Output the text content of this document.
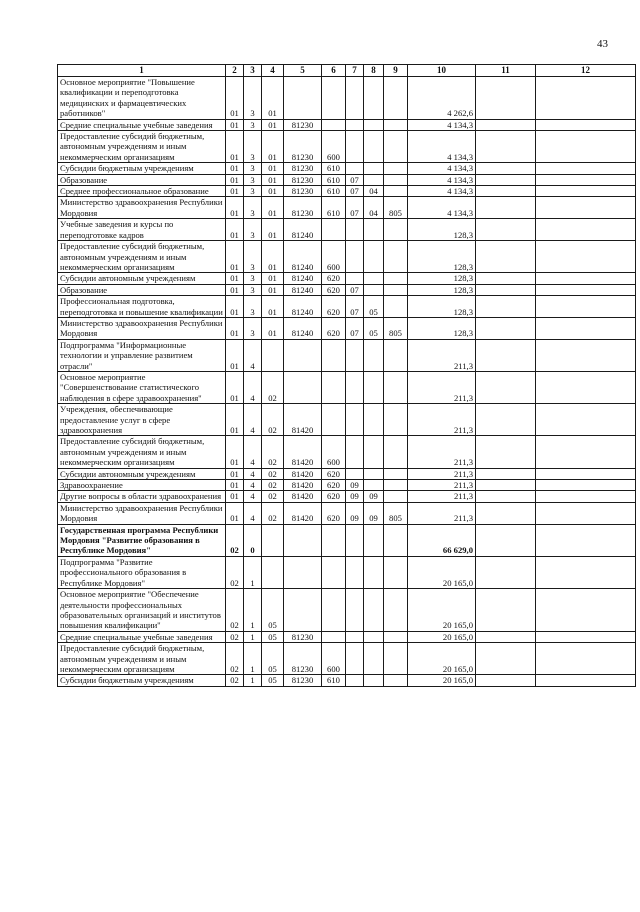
43
1	2	3	4	5	6	7	8	9	10	11	12
Основное мероприятие "Повышение квалификации и переподготовка медицинских и фармацевтических работников"	01	3	01						4 262,6		
Средние специальные учебные заведения	01	3	01	81230					4 134,3		
Предоставление субсидий бюджетным, автономным учреждениям и иным некоммерческим организациям	01	3	01	81230	600				4 134,3		
Субсидии бюджетным учреждениям	01	3	01	81230	610				4 134,3		
Образование	01	3	01	81230	610	07			4 134,3		
Среднее профессиональное образование	01	3	01	81230	610	07	04		4 134,3		
Министерство здравоохранения Республики Мордовия	01	3	01	81230	610	07	04	805	4 134,3		
Учебные заведения и курсы по переподготовке кадров	01	3	01	81240					128,3		
Предоставление субсидий бюджетным, автономным учреждениям и иным некоммерческим организациям	01	3	01	81240	600				128,3		
Субсидии автономным учреждениям	01	3	01	81240	620				128,3		
Образование	01	3	01	81240	620	07			128,3		
Профессиональная подготовка, переподготовка и повышение квалификации	01	3	01	81240	620	07	05		128,3		
Министерство здравоохранения Республики Мордовия	01	3	01	81240	620	07	05	805	128,3		
Подпрограмма "Информационные технологии и управление развитием отрасли"	01	4							211,3		
Основное мероприятие "Совершенствование статистического наблюдения в сфере здравоохранения"	01	4	02						211,3		
Учреждения, обеспечивающие предоставление услуг в сфере здравоохранения	01	4	02	81420					211,3		
Предоставление субсидий бюджетным, автономным учреждениям и иным некоммерческим организациям	01	4	02	81420	600				211,3		
Субсидии автономным учреждениям	01	4	02	81420	620				211,3		
Здравоохранение	01	4	02	81420	620	09			211,3		
Другие вопросы в области здравоохранения	01	4	02	81420	620	09	09		211,3		
Министерство здравоохранения Республики Мордовия	01	4	02	81420	620	09	09	805	211,3		
Государственная программа Республики Мордовия "Развитие образования в Республике Мордовия"	02	0							66 629,0		
Подпрограмма "Развитие профессионального образования в Республике Мордовия"	02	1							20 165,0		
Основное мероприятие "Обеспечение деятельности профессиональных образовательных организаций и институтов повышения квалификации"	02	1	05						20 165,0		
Средние специальные учебные заведения	02	1	05	81230					20 165,0		
Предоставление субсидий бюджетным, автономным учреждениям и иным некоммерческим организациям	02	1	05	81230	600				20 165,0		
Субсидии бюджетным учреждениям	02	1	05	81230	610				20 165,0		
